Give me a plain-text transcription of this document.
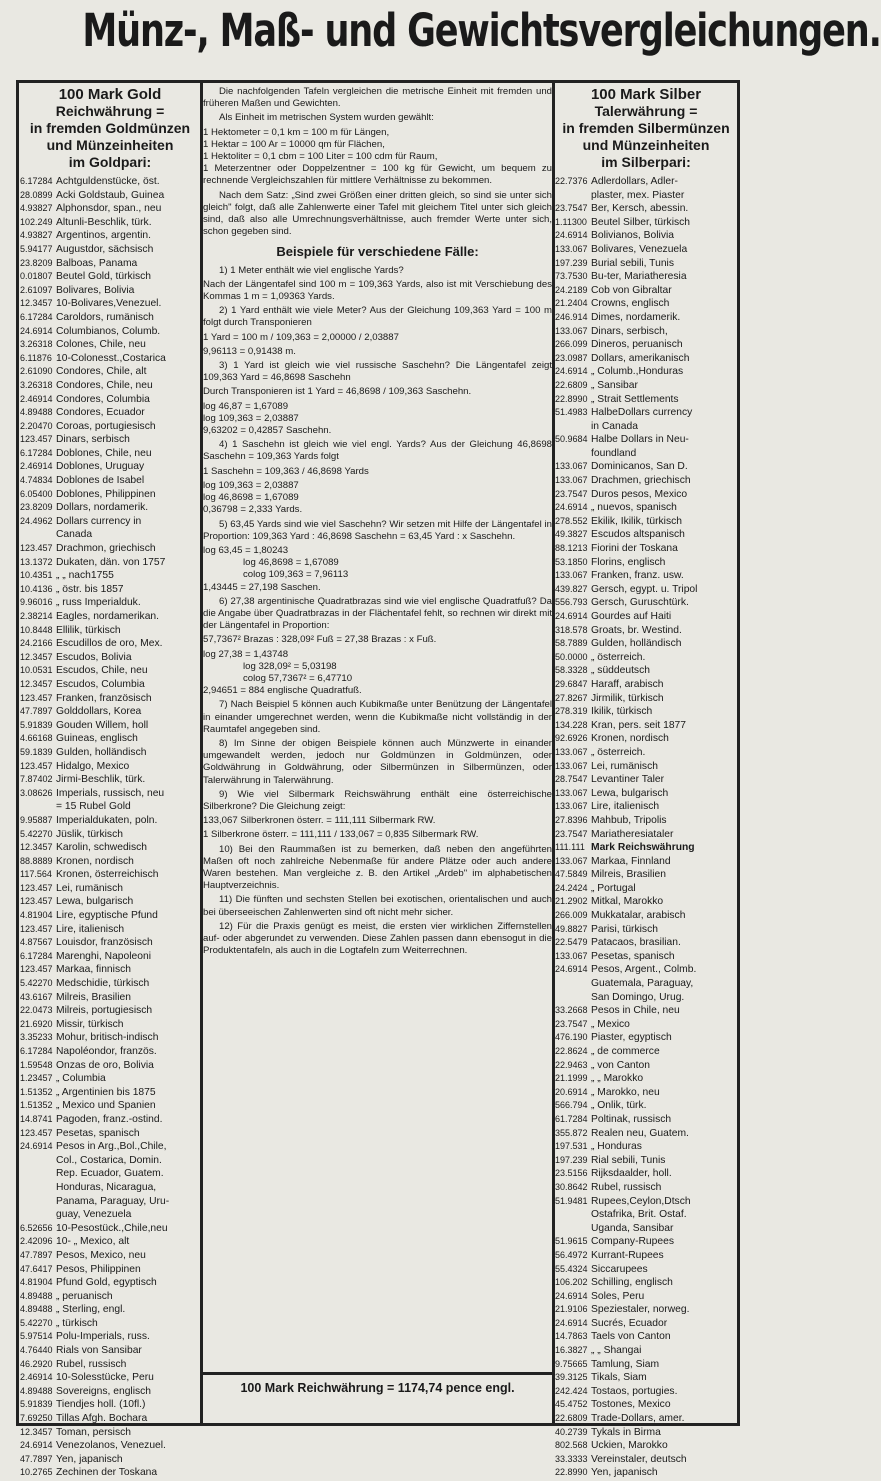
Münz-, Maß- und Gewichtsvergleichungen.
100 Mark Gold
Reichwährung =
in fremden Goldmünzen
und Münzeinheiten
im Goldpari:
6.17284 Achtguldenstücke, öst.
28.0899 Acki Goldstaub, Guinea
4.93827 Alphonsdor, span., neu
102.249 Altunli-Beschlik, türk.
4.93827 Argentinos, argentin.
5.94177 Augustdor, sächsisch
23.8209 Balboas, Panama
0.01807 Beutel Gold, türkisch
2.61097 Bolivares, Bolivia
12.3457 10-Bolivares,Venezuel.
6.17284 Caroldors, rumänisch
24.6914 Columbianos, Columb.
3.26318 Colones, Chile, neu
6.11876 10-Colonesst.,Costarica
2.61090 Condores, Chile, alt
3.26318 Condores, Chile, neu
2.46914 Condores, Columbia
4.89488 Condores, Ecuador
2.20470 Coroas, portugiesisch
123.457 Dinars, serbisch
6.17284 Doblones, Chile, neu
2.46914 Doblones, Uruguay
4.74834 Doblones de Isabel
6.05400 Doblones, Philippinen
23.8209 Dollars, nordamerik.
24.4962 Dollars currency in
Canada
123.457 Drachmon, griechisch
13.1372 Dukaten, dän. von 1757
10.4351 „ „ nach1755
10.4136 „ östr. bis 1857
9.96016 „ russ Imperialduk.
2.38214 Eagles, nordamerikan.
10.8448 Ellilik, türkisch
24.2166 Escudillos de oro, Mex.
12.3457 Escudos, Bolivia
10.0531 Escudos, Chile, neu
12.3457 Escudos, Columbia
123.457 Franken, französisch
47.7897 Golddollars, Korea
5.91839 Gouden Willem, holl
4.66168 Guineas, englisch
59.1839 Gulden, holländisch
123.457 Hidalgo, Mexico
7.87402 Jirmi-Beschlik, türk.
3.08626 Imperials, russisch, neu
= 15 Rubel Gold
9.95887 Imperialdukaten, poln.
5.42270 Jüslik, türkisch
12.3457 Karolin, schwedisch
88.8889 Kronen, nordisch
117.564 Kronen, österreichisch
123.457 Lei, rumänisch
123.457 Lewa, bulgarisch
4.81904 Lire, egyptische Pfund
123.457 Lire, italienisch
4.87567 Louisdor, französisch
6.17284 Marenghi, Napoleoni
123.457 Markaa, finnisch
5.42270 Medschidie, türkisch
43.6167 Milreis, Brasilien
22.0473 Milreis, portugiesisch
21.6920 Missir, türkisch
3.35233 Mohur, britisch-indisch
6.17284 Napoléondor, französ.
1.59548 Onzas de oro, Bolivia
1.23457 „ Columbia
1.51352 „ Argentinien bis 1875
1.51352 „ Mexico und Spanien
14.8741 Pagoden, franz.-ostind.
123.457 Pesetas, spanisch
24.6914 Pesos in Arg.,Bol.,Chile,
Col., Costarica, Domin.
Rep. Ecuador, Guatem.
Honduras, Nicaragua,
Panama, Paraguay, Uru-
guay, Venezuela
6.52656 10-Pesostück.,Chile,neu
2.42096 10- „ Mexico, alt
47.7897 Pesos, Mexico, neu
47.6417 Pesos, Philippinen
4.81904 Pfund Gold, egyptisch
4.89488 „ peruanisch
4.89488 „ Sterling, engl.
5.42270 „ türkisch
5.97514 Polu-Imperials, russ.
4.76440 Rials von Sansibar
46.2920 Rubel, russisch
2.46914 10-Solesstücke, Peru
4.89488 Sovereigns, englisch
5.91839 Tiendjes holl. (10fl.)
7.69250 Tillas Afgh. Bochara
12.3457 Toman, persisch
24.6914 Venezolanos, Venezuel.
47.7897 Yen, japanisch
10.2765 Zechinen der Toskana

Die nachfolgenden Tafeln vergleichen die metrische Einheit mit fremden und früheren Maßen und Gewichten.

Als Einheit im metrischen System wurden gewählt:

1 Hektometer = 0,1 km = 100 m für Längen,

1 Hektar = 100 Ar = 10000 qm für Flächen,

1 Hektoliter = 0,1 cbm = 100 Liter = 100 cdm für Raum,

1 Meterzentner oder Doppelzentner = 100 kg für Gewicht, um bequem zu rechnende Vergleichszahlen für mittlere Verhältnisse zu bekommen.

Nach dem Satz: „Sind zwei Größen einer dritten gleich, so sind sie unter sich gleich" folgt, daß alle Zahlenwerte einer Tafel mit gleichem Titel unter sich gleich sind, daß also alle Umrechnungsverhältnisse, auch fremder Werte unter sich, schon gegeben sind.

Beispiele für verschiedene Fälle:

1) 1 Meter enthält wie viel englische Yards?

Nach der Längentafel sind 100 m = 109,363 Yards, also ist mit Verschiebung des Kommas 1 m = 1,09363 Yards.

2) 1 Yard enthält wie viele Meter? Aus der Gleichung 109,363 Yard = 100 m folgt durch Transponieren

1 Yard = 100 m / 109,363 = 2,00000 / 2,03887

9,96113 = 0,91438 m.

3) 1 Yard ist gleich wie viel russische Saschehn? Die Längentafel zeigt 109,363 Yard = 46,8698 Saschehn

Durch Transponieren ist 1 Yard = 46,8698 / 109,363 Saschehn.

log 46,87 = 1,67089

log 109,363 = 2,03887

9,63202 = 0,42857 Saschehn.

4) 1 Saschehn ist gleich wie viel engl. Yards? Aus der Gleichung 46,8698 Saschehn = 109,363 Yards folgt

1 Saschehn = 109,363 / 46,8698 Yards

log 109,363 = 2,03887

log 46,8698 = 1,67089

0,36798 = 2,333 Yards.

5) 63,45 Yards sind wie viel Saschehn? Wir setzen mit Hilfe der Längentafel in Proportion: 109,363 Yard : 46,8698 Saschehn = 63,45 Yard : x Saschehn.

log 63,45 = 1,80243

log 46,8698 = 1,67089

colog 109,363 = 7,96113

1,43445 = 27,198 Saschen.

6) 27,38 argentinische Quadratbrazas sind wie viel englische Quadratfuß? Da die Angabe über Quadratbrazas in der Flächentafel fehlt, so rechnen wir direkt mit der Längentafel in Proportion:

57,7367² Brazas : 328,09² Fuß = 27,38 Brazas : x Fuß.

log 27,38 = 1,43748

log 328,09² = 5,03198

colog 57,7367² = 6,47710

2,94651 = 884 englische Quadratfuß.

7) Nach Beispiel 5 können auch Kubikmaße unter Benützung der Längentafel in einander umgerechnet werden, wenn die Kubikmaße nicht vollständig in der Raumtafel angegeben sind.

8) Im Sinne der obigen Beispiele können auch Münzwerte in einander umgewandelt werden, jedoch nur Goldmünzen in Goldmünzen, oder Goldwährung in Goldwährung, oder Silbermünzen in Silbermünzen, oder Talerwährung in Talerwährung.

9) Wie viel Silbermark Reichswährung enthält eine österreichische Silberkrone? Die Gleichung zeigt:

133,067 Silberkronen österr. = 111,111 Silbermark RW.

1 Silberkrone österr. = 111,111 / 133,067 = 0,835 Silbermark RW.

10) Bei den Raummaßen ist zu bemerken, daß neben den angeführten Maßen oft noch zahlreiche Nebenmaße für andere Plätze oder auch andere Waren bestehen. Man vergleiche z. B. den Artikel „Ardeb" im alphabetischen Hauptverzeichnis.

11) Die fünften und sechsten Stellen bei exotischen, orientalischen und auch bei überseeischen Zahlenwerten sind oft nicht mehr sicher.

12) Für die Praxis genügt es meist, die ersten vier wirklichen Ziffernstellen auf- oder abgerundet zu verwenden. Diese Zahlen passen dann ebensogut in die Produktentafeln, als auch in die Logtafeln zum Weiterrechnen.

100 Mark Reichwährung = 1174,74 pence engl.
100 Mark Silber
Talerwährung =
in fremden Silbermünzen
und Münzeinheiten
im Silberpari:
22.7376 Adlerdollars, Adler-
plaster, mex. Piaster
23.7547 Ber, Kersch, abessin.
1.11300 Beutel Silber, türkisch
24.6914 Bolivianos, Bolivia
133.067 Bolivares, Venezuela
197.239 Burial sebili, Tunis
73.7530 Bu-ter, Mariatheresia
24.2189 Cob von Gibraltar
21.2404 Crowns, englisch
246.914 Dimes, nordamerik.
133.067 Dinars, serbisch,
266.099 Dineros, peruanisch
23.0987 Dollars, amerikanisch
24.6914 „ Columb.,Honduras
22.6809 „ Sansibar
22.8990 „ Strait Settlements
51.4983 HalbeDollars currency
in Canada
50.9684 Halbe Dollars in Neu-
foundland
133.067 Dominicanos, San D.
133.067 Drachmen, griechisch
23.7547 Duros pesos, Mexico
24.6914 „ nuevos, spanisch
278.552 Ekilik, Ikilik, türkisch
49.3827 Escudos altspanisch
88.1213 Fiorini der Toskana
53.1850 Florins, englisch
133.067 Franken, franz. usw.
439.827 Gersch, egypt. u. Tripol
556.793 Gersch, Guruschtürk.
24.6914 Gourdes auf Haiti
318.578 Groats, br. Westind.
58.7889 Gulden, holländisch
50.0000 „ österreich.
58.3328 „ süddeutsch
29.6847 Haraff, arabisch
27.8267 Jirmilik, türkisch
278.319 Ikilik, türkisch
134.228 Kran, pers. seit 1877
92.6926 Kronen, nordisch
133.067 „ österreich.
133.067 Lei, rumänisch
28.7547 Levantiner Taler
133.067 Lewa, bulgarisch
133.067 Lire, italienisch
27.8396 Mahbub, Tripolis
23.7547 Mariatheresiataler
111.111 Mark Reichswährung
133.067 Markaa, Finnland
47.5849 Milreis, Brasilien
24.2424 „ Portugal
21.2902 Mitkal, Marokko
266.009 Mukkatalar, arabisch
49.8827 Parisi, türkisch
22.5479 Patacaos, brasilian.
133.067 Pesetas, spanisch
24.6914 Pesos, Argent., Colmb.
Guatemala, Paraguay,
San Domingo, Urug.
33.2668 Pesos in Chile, neu
23.7547 „ Mexico
476.190 Piaster, egyptisch
22.8624 „ de commerce
22.9463 „ von Canton
21.1999 „ „ Marokko
20.6914 „ Marokko, neu
566.794 „ Onlik, türk.
61.7284 Poltinak, russisch
355.872 Realen neu, Guatem.
197.531 „ Honduras
197.239 Rial sebili, Tunis
23.5156 Rijksdaalder, holl.
30.8642 Rubel, russisch
51.9481 Rupees,Ceylon,Dtsch
Ostafrika, Brit. Ostaf.
Uganda, Sansibar
51.9615 Company-Rupees
56.4972 Kurrant-Rupees
55.4324 Siccarupees
106.202 Schilling, englisch
24.6914 Soles, Peru
21.9106 Speziestaler, norweg.
24.6914 Sucrés, Ecuador
14.7863 Taels von Canton
16.3827 „ „ Shangai
9.75665 Tamlung, Siam
39.3125 Tikals, Siam
242.424 Tostaos, portugies.
45.4752 Tostones, Mexico
22.6809 Trade-Dollars, amer.
40.2739 Tykals in Birma
802.568 Uckien, Marokko
33.3333 Vereinstaler, deutsch
22.8990 Yen, japanisch
